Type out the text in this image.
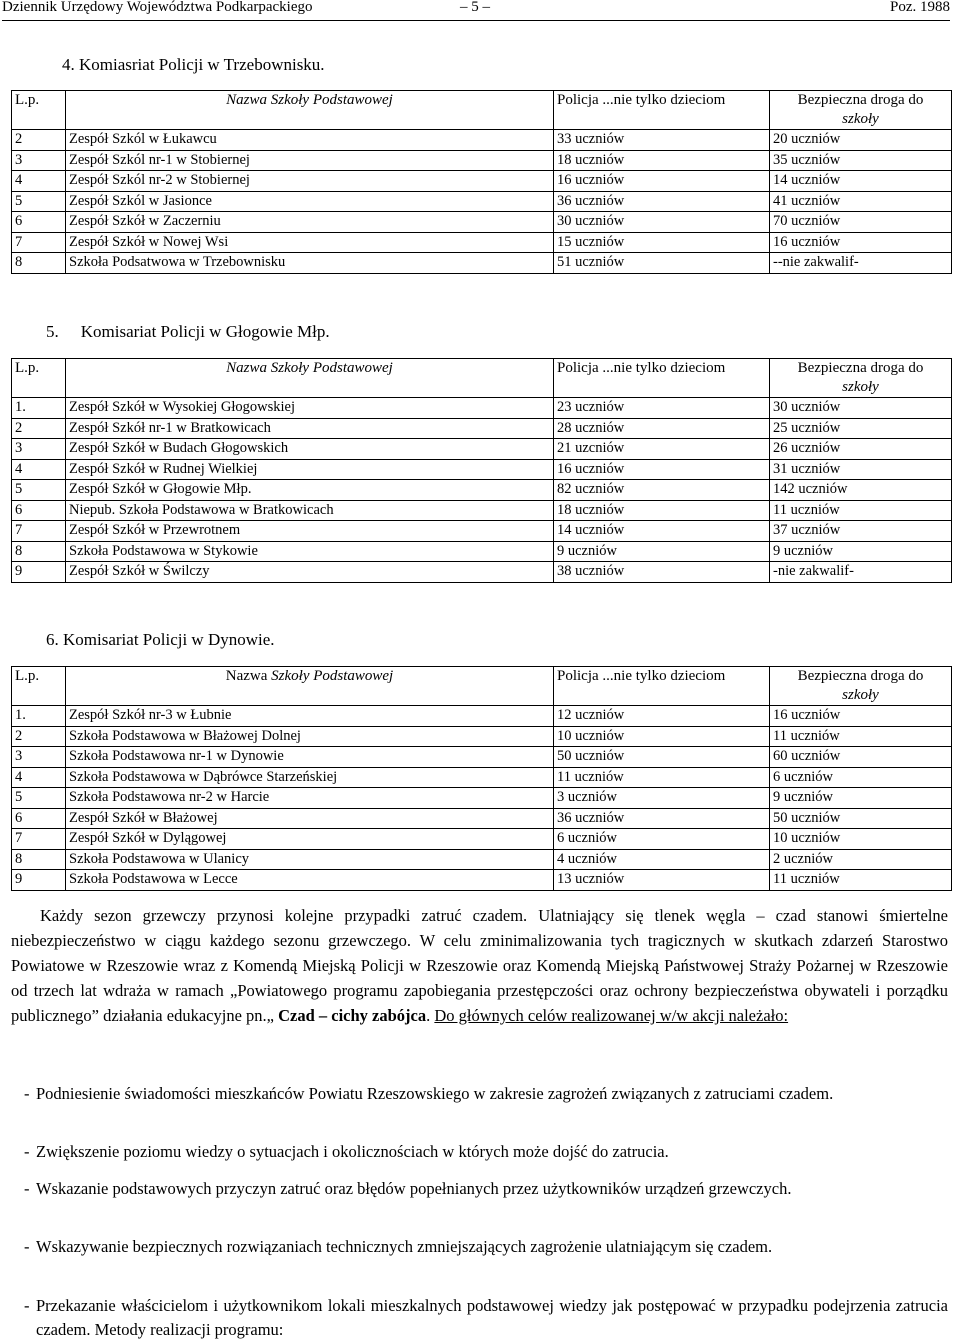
Dziennik Urzędowy Województwa Podkarpackiego	– 5 –	Poz. 1988
4. Komiasriat Policji w Trzebownisku.
L.p.	Nazwa Szkoły Podstawowej	Policja ...nie tylko dzieciom	Bezpieczna droga do
szkoły

2	Zespół Szkól w Łukawcu	33 uczniów	20 uczniów
3	Zespół Szkól nr-1 w Stobiernej	18 uczniów	35 uczniów
4	Zespół Szkól nr-2 w Stobiernej	16 uczniów	14 uczniów
5	Zespół Szkól w Jasionce	36 uczniów	41 uczniów
6	Zespół Szkół w Zaczerniu	30 uczniów	70 uczniów
7	Zespół Szkół w Nowej Wsi	15 uczniów	16 uczniów
8	Szkoła Podsatwowa w Trzebownisku	51 uczniów	--nie zakwalif-
5. Komisariat Policji w Głogowie Młp.
L.p.	Nazwa Szkoły Podstawowej	Policja ...nie tylko dzieciom	Bezpieczna droga do
szkoły

1.	Zespół Szkół w Wysokiej Głogowskiej	23 uczniów	30 uczniów
2	Zespół Szkół nr-1 w Bratkowicach	28 uczniów	25 uczniów
3	Zespół Szkół w Budach Głogowskich	21 uzcniów	26 uczniów
4	Zespół Szkół w Rudnej Wielkiej	16 uczniów	31 uczniów
5	Zespół Szkół w Głogowie Młp.	82 uczniów	142 uczniów
6	Niepub. Szkoła Podstawowa w Bratkowicach	18 uczniów	11 uczniów
7	Zespół Szkół w Przewrotnem	14 uczniów	37 uczniów
8	Szkoła Podstawowa w Stykowie	9 uczniów	9 uczniów
9	Zespół Szkół w Świlczy	38 uczniów	-nie zakwalif-
6. Komisariat Policji w Dynowie.
L.p.	Nazwa Szkoły Podstawowej	Policja ...nie tylko dzieciom	Bezpieczna droga do
szkoły

1.	Zespół Szkół nr-3 w Łubnie	12 uczniów	16 uczniów
2	Szkoła Podstawowa w Błażowej Dolnej	10 uczniów	11 uczniów
3	Szkoła Podstawowa nr-1 w Dynowie	50 uczniów	60 uczniów
4	Szkoła Podstawowa w Dąbrówce Starzeńskiej	11 uczniów	6 uczniów
5	Szkoła Podstawowa nr-2 w Harcie	3 uczniów	9 uczniów
6	Zespół Szkół w Błażowej	36 uczniów	50 uczniów
7	Zespół Szkół w Dylągowej	6 uczniów	10 uczniów
8	Szkoła Podstawowa w Ulanicy	4 uczniów	2 uczniów
9	Szkoła Podstawowa w Lecce	13 uczniów	11 uczniów
Każdy sezon grzewczy przynosi kolejne przypadki zatruć czadem. Ulatniający się tlenek węgla – czad stanowi śmiertelne niebezpieczeństwo w ciągu każdego sezonu grzewczego. W celu zminimalizowania tych tragicznych w skutkach zdarzeń Starostwo Powiatowe w Rzeszowie wraz z Komendą Miejską Policji w Rzeszowie oraz Komendą Miejską Państwowej Straży Pożarnej w Rzeszowie od trzech lat wdraża w ramach „Powiatowego programu zapobiegania przestępczości oraz ochrony bezpieczeństwa obywateli i porządku publicznego” działania edukacyjne pn.„ Czad – cichy zabójca. Do głównych celów realizowanej w/w akcji należało:
- Podniesienie świadomości mieszkańców Powiatu Rzeszowskiego w zakresie zagrożeń związanych z zatruciami czadem.
- Zwiększenie poziomu wiedzy o sytuacjach i okolicznościach w których może dojść do zatrucia.
- Wskazanie podstawowych przyczyn zatruć oraz błędów popełnianych przez użytkowników urządzeń grzewczych.
- Wskazywanie bezpiecznych rozwiązaniach technicznych zmniejszających zagrożenie ulatniającym się czadem.
- Przekazanie właścicielom i użytkownikom lokali mieszkalnych podstawowej wiedzy jak postępować w przypadku podejrzenia zatrucia czadem. Metody realizacji programu:
